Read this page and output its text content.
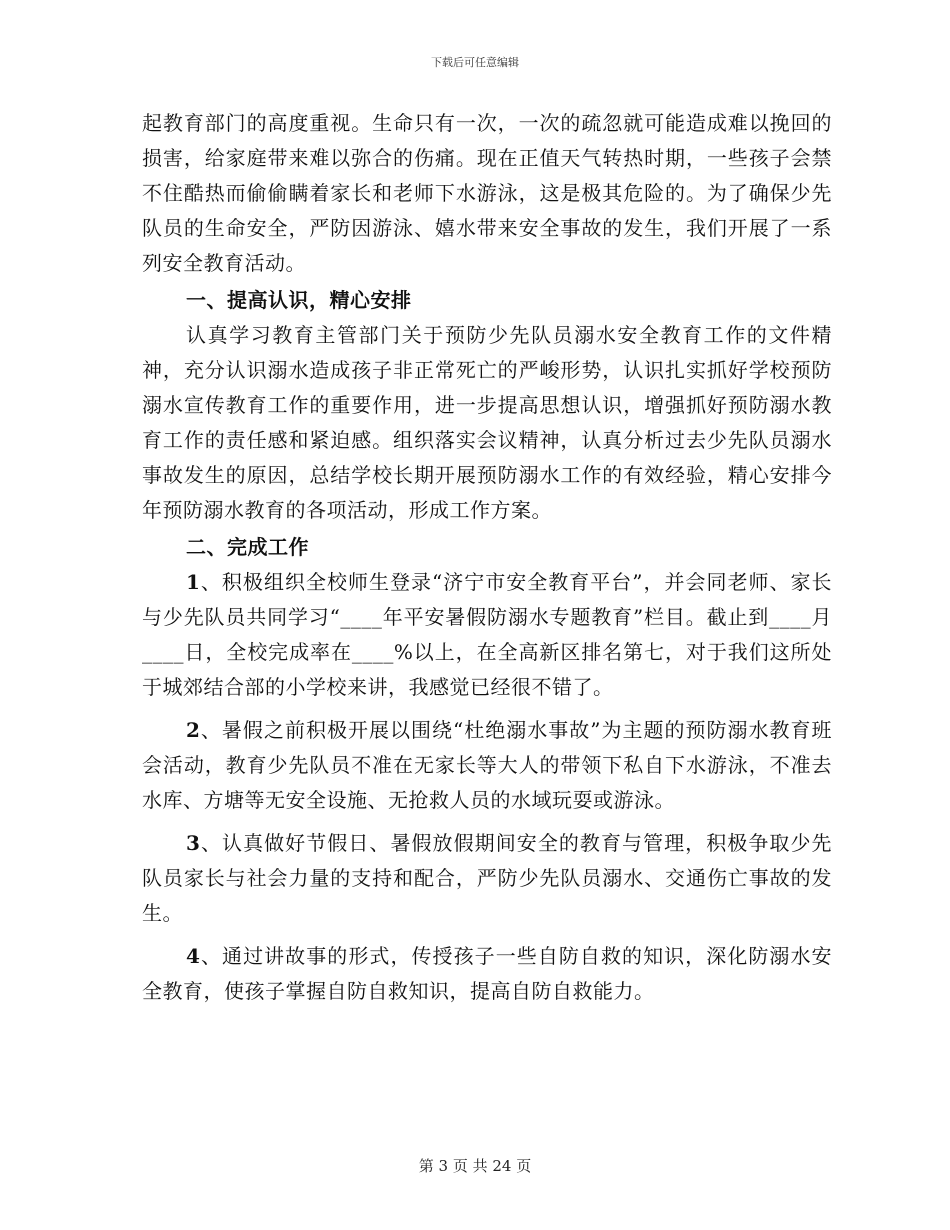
下载后可任意编辑

起教育部门的高度重视。生命只有一次，一次的疏忽就可能造成难以挽回的损害，给家庭带来难以弥合的伤痛。现在正值天气转热时期，一些孩子会禁不住酷热而偷偷瞒着家长和老师下水游泳，这是极其危险的。为了确保少先队员的生命安全，严防因游泳、嬉水带来安全事故的发生，我们开展了一系列安全教育活动。

一、提高认识，精心安排

认真学习教育主管部门关于预防少先队员溺水安全教育工作的文件精神，充分认识溺水造成孩子非正常死亡的严峻形势，认识扎实抓好学校预防溺水宣传教育工作的重要作用，进一步提高思想认识，增强抓好预防溺水教育工作的责任感和紧迫感。组织落实会议精神，认真分析过去少先队员溺水事故发生的原因，总结学校长期开展预防溺水工作的有效经验，精心安排今年预防溺水教育的各项活动，形成工作方案。

二、完成工作

1、积极组织全校师生登录“济宁市安全教育平台”，并会同老师、家长与少先队员共同学习“____年平安暑假防溺水专题教育”栏目。截止到____月____日，全校完成率在____%以上，在全高新区排名第七，对于我们这所处于城郊结合部的小学校来讲，我感觉已经很不错了。

2、暑假之前积极开展以围绕“杜绝溺水事故”为主题的预防溺水教育班会活动，教育少先队员不准在无家长等大人的带领下私自下水游泳，不准去水库、方塘等无安全设施、无抢救人员的水域玩耍或游泳。

3、认真做好节假日、暑假放假期间安全的教育与管理，积极争取少先队员家长与社会力量的支持和配合，严防少先队员溺水、交通伤亡事故的发生。

4、通过讲故事的形式，传授孩子一些自防自救的知识，深化防溺水安全教育，使孩子掌握自防自救知识，提高自防自救能力。

第 3 页 共 24 页
